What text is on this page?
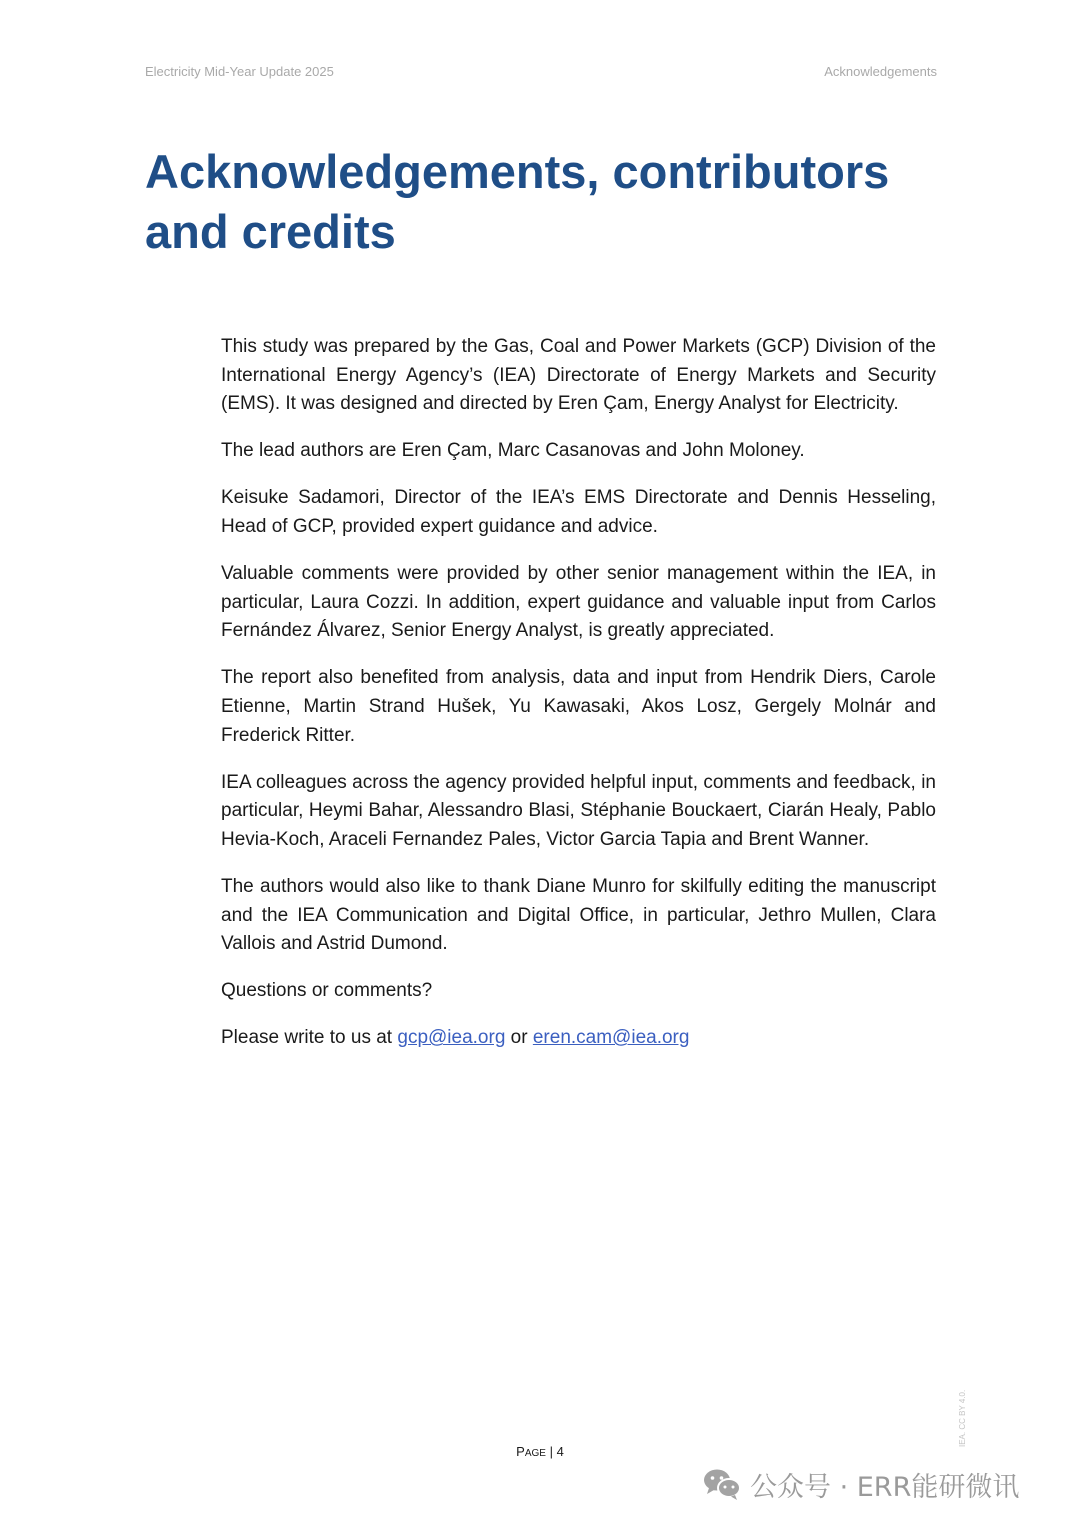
Electricity Mid-Year Update 2025	Acknowledgements
Acknowledgements, contributors
and credits

This study was prepared by the Gas, Coal and Power Markets (GCP) Division of the International Energy Agency’s (IEA) Directorate of Energy Markets and Security (EMS). It was designed and directed by Eren Çam, Energy Analyst for Electricity.

The lead authors are Eren Çam, Marc Casanovas and John Moloney.

Keisuke Sadamori, Director of the IEA’s EMS Directorate and Dennis Hesseling, Head of GCP, provided expert guidance and advice.

Valuable comments were provided by other senior management within the IEA, in particular, Laura Cozzi. In addition, expert guidance and valuable input from Carlos Fernández Álvarez, Senior Energy Analyst, is greatly appreciated.

The report also benefited from analysis, data and input from Hendrik Diers, Carole Etienne, Martin Strand Hušek, Yu Kawasaki, Akos Losz, Gergely Molnár and Frederick Ritter.

IEA colleagues across the agency provided helpful input, comments and feedback, in particular, Heymi Bahar, Alessandro Blasi, Stéphanie Bouckaert, Ciarán Healy, Pablo Hevia-Koch, Araceli Fernandez Pales, Victor Garcia Tapia and Brent Wanner.

The authors would also like to thank Diane Munro for skilfully editing the manuscript and the IEA Communication and Digital Office, in particular, Jethro Mullen, Clara Vallois and Astrid Dumond.

Questions or comments?

Please write to us at gcp@iea.org or eren.cam@iea.org

PAGE | 4
IEA. CC BY 4.0.
公众号 · ERR能研微讯
